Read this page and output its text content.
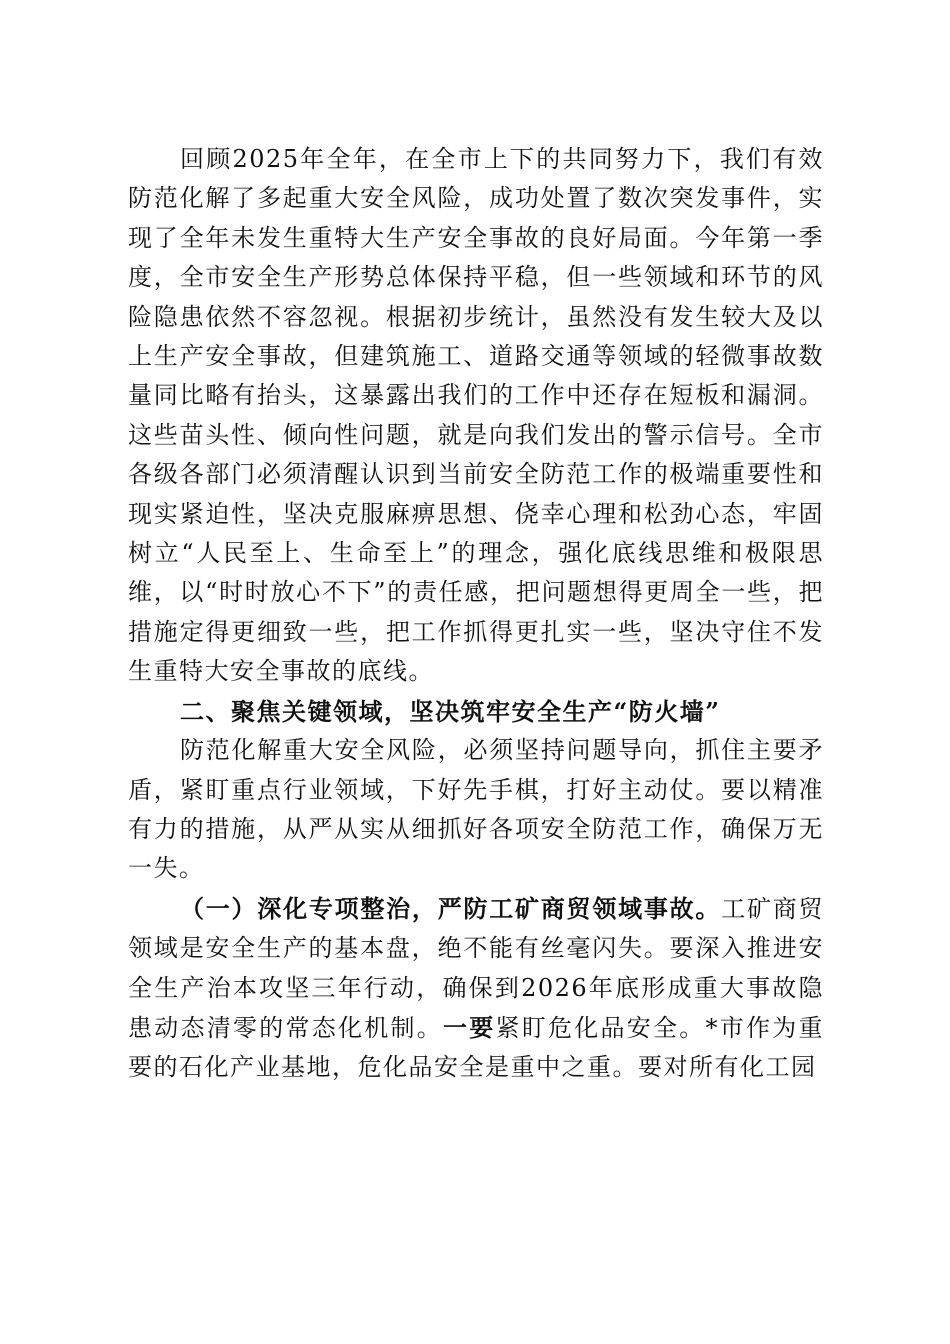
回顾2025年全年，在全市上下的共同努力下，我们有效防范化解了多起重大安全风险，成功处置了数次突发事件，实现了全年未发生重特大生产安全事故的良好局面。今年第一季度，全市安全生产形势总体保持平稳，但一些领域和环节的风险隐患依然不容忽视。根据初步统计，虽然没有发生较大及以上生产安全事故，但建筑施工、道路交通等领域的轻微事故数量同比略有抬头，这暴露出我们的工作中还存在短板和漏洞。这些苗头性、倾向性问题，就是向我们发出的警示信号。全市各级各部门必须清醒认识到当前安全防范工作的极端重要性和现实紧迫性，坚决克服麻痹思想、侥幸心理和松劲心态，牢固树立“人民至上、生命至上”的理念，强化底线思维和极限思维，以“时时放心不下”的责任感，把问题想得更周全一些，把措施定得更细致一些，把工作抓得更扎实一些，坚决守住不发生重特大安全事故的底线。

二、聚焦关键领域，坚决筑牢安全生产“防火墙”

防范化解重大安全风险，必须坚持问题导向，抓住主要矛盾，紧盯重点行业领域，下好先手棋，打好主动仗。要以精准有力的措施，从严从实从细抓好各项安全防范工作，确保万无一失。

（一）深化专项整治，严防工矿商贸领域事故。工矿商贸领域是安全生产的基本盘，绝不能有丝毫闪失。要深入推进安全生产治本攻坚三年行动，确保到2026年底形成重大事故隐患动态清零的常态化机制。一要紧盯危化品安全。*市作为重要的石化产业基地，危化品安全是重中之重。要对所有化工园
